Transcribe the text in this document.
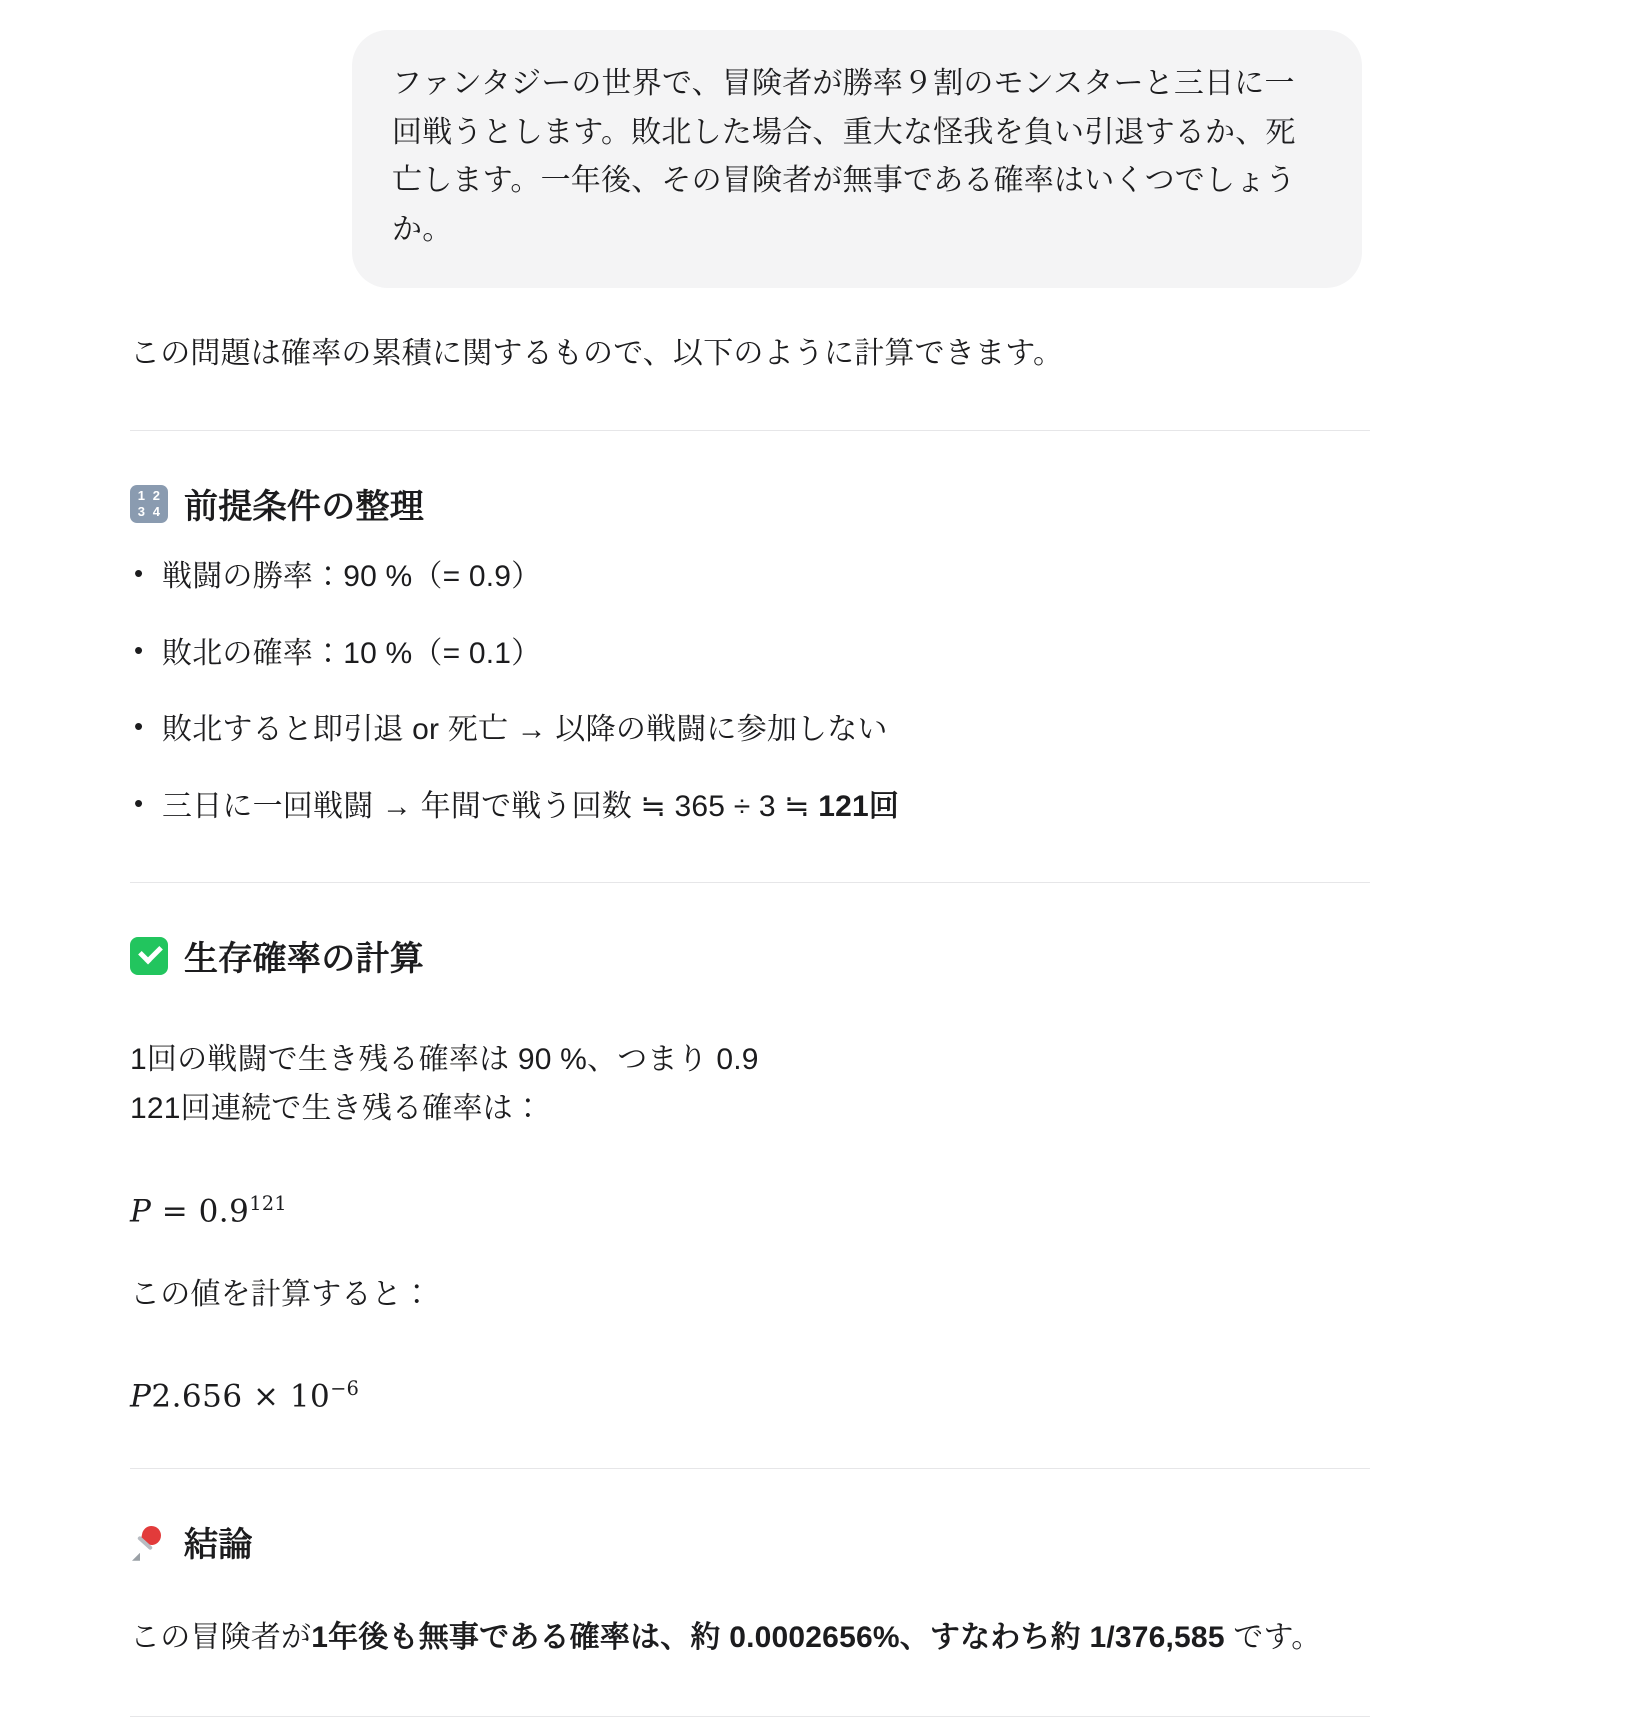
ファンタジーの世界で、冒険者が勝率９割のモンスターと三日に一回戦うとします。敗北した場合、重大な怪我を負い引退するか、死亡します。一年後、その冒険者が無事である確率はいくつでしょうか。

この問題は確率の累積に関するもので、以下のように計算できます。

1 2
3 4 前提条件の整理
• 戦闘の勝率：90 %（= 0.9）
• 敗北の確率：10 %（= 0.1）
• 敗北すると即引退 or 死亡 → 以降の戦闘に参加しない
• 三日に一回戦闘 → 年間で戦う回数 ≒ 365 ÷ 3 ≒ 121回
生存確率の計算
1回の戦闘で生き残る確率は 90 %、つまり 0.9
121回連続で生き残る確率は：
$P = 0.9^{121}$

この値を計算すると：

$P2.656 \times 10^{-6}$
結論

この冒険者が1年後も無事である確率は、約 0.0002656%、すなわち約 1/376,585 です。
